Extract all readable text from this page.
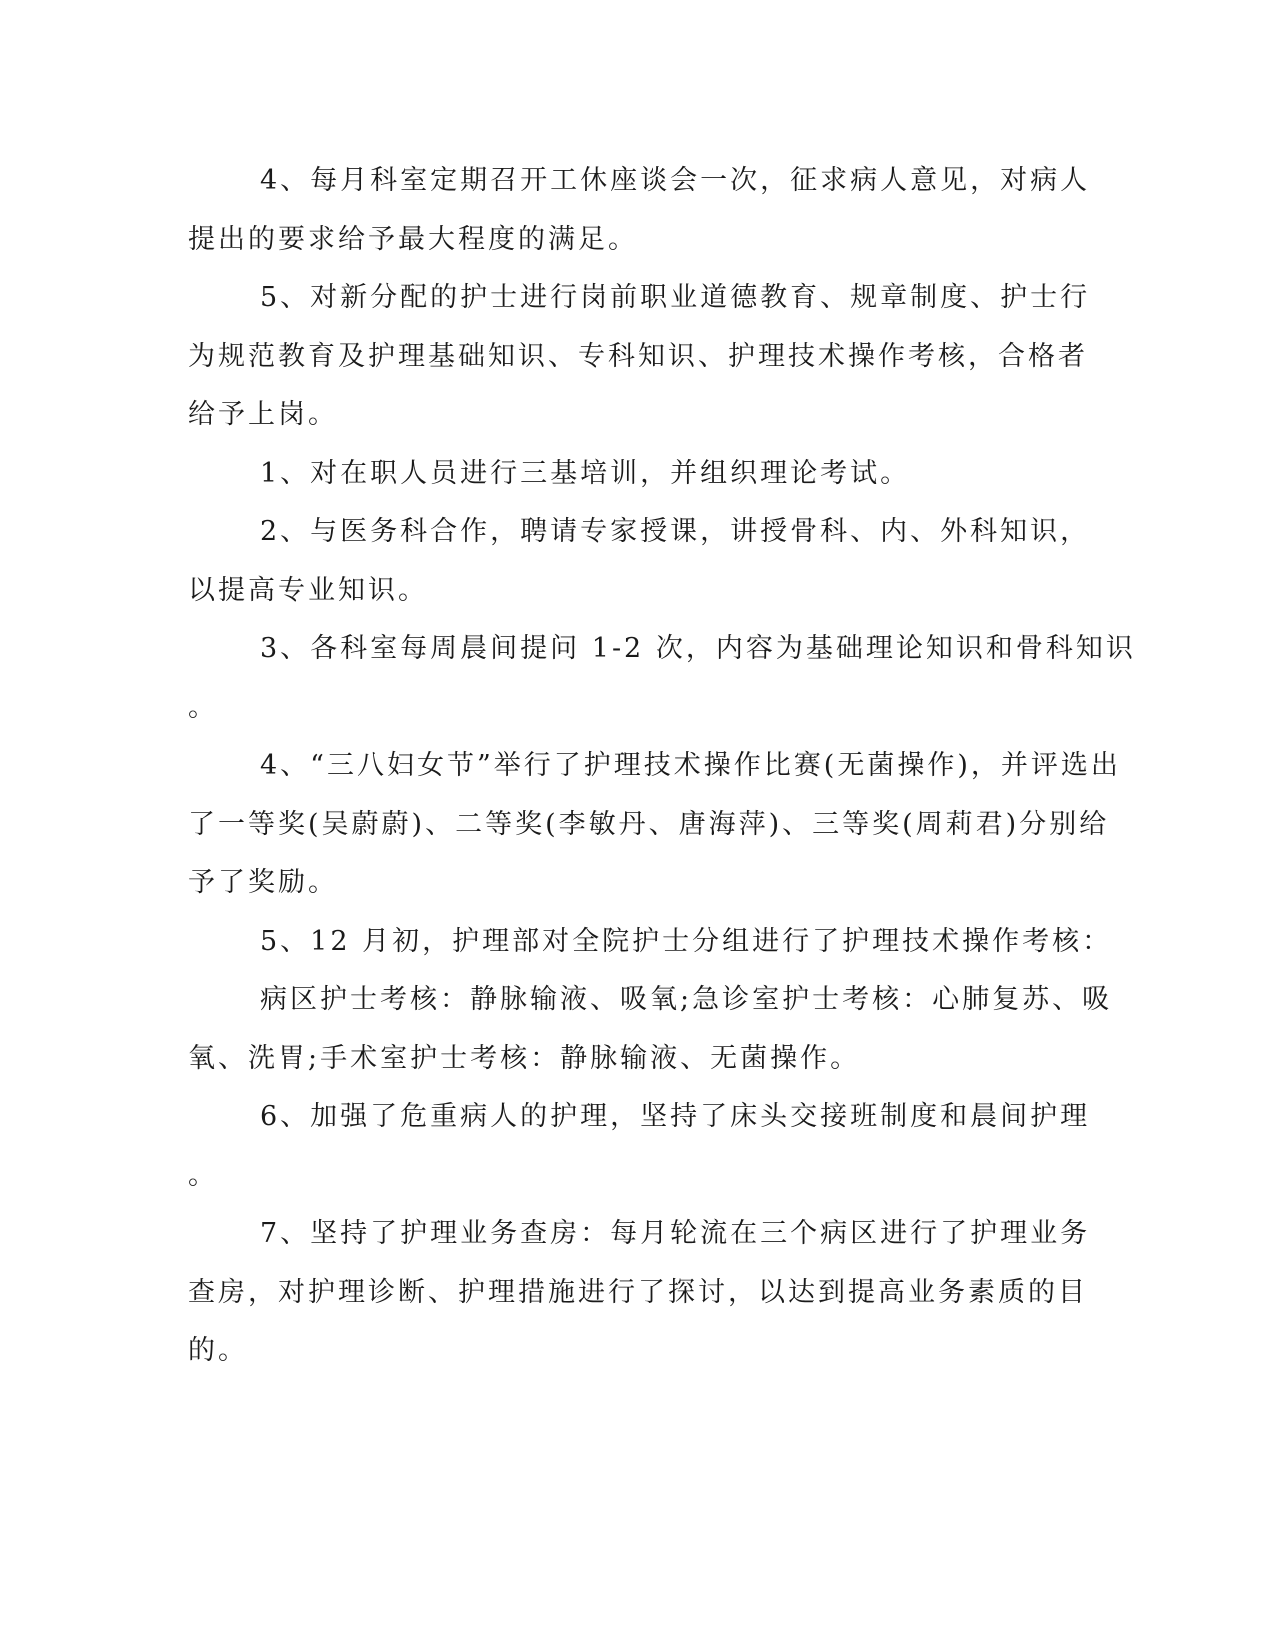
4、每月科室定期召开工休座谈会一次，征求病人意见，对病人
提出的要求给予最大程度的满足。
5、对新分配的护士进行岗前职业道德教育、规章制度、护士行
为规范教育及护理基础知识、专科知识、护理技术操作考核，合格者
给予上岗。
1、对在职人员进行三基培训，并组织理论考试。
2、与医务科合作，聘请专家授课，讲授骨科、内、外科知识，
以提高专业知识。
3、各科室每周晨间提问 1-2 次，内容为基础理论知识和骨科知识
。
4、“三八妇女节”举行了护理技术操作比赛(无菌操作)，并评选出
了一等奖(吴蔚蔚)、二等奖(李敏丹、唐海萍)、三等奖(周莉君)分别给
予了奖励。
5、12 月初，护理部对全院护士分组进行了护理技术操作考核：
病区护士考核：静脉输液、吸氧;急诊室护士考核：心肺复苏、吸
氧、洗胃;手术室护士考核：静脉输液、无菌操作。
6、加强了危重病人的护理，坚持了床头交接班制度和晨间护理
。
7、坚持了护理业务查房：每月轮流在三个病区进行了护理业务
查房，对护理诊断、护理措施进行了探讨，以达到提高业务素质的目
的。
